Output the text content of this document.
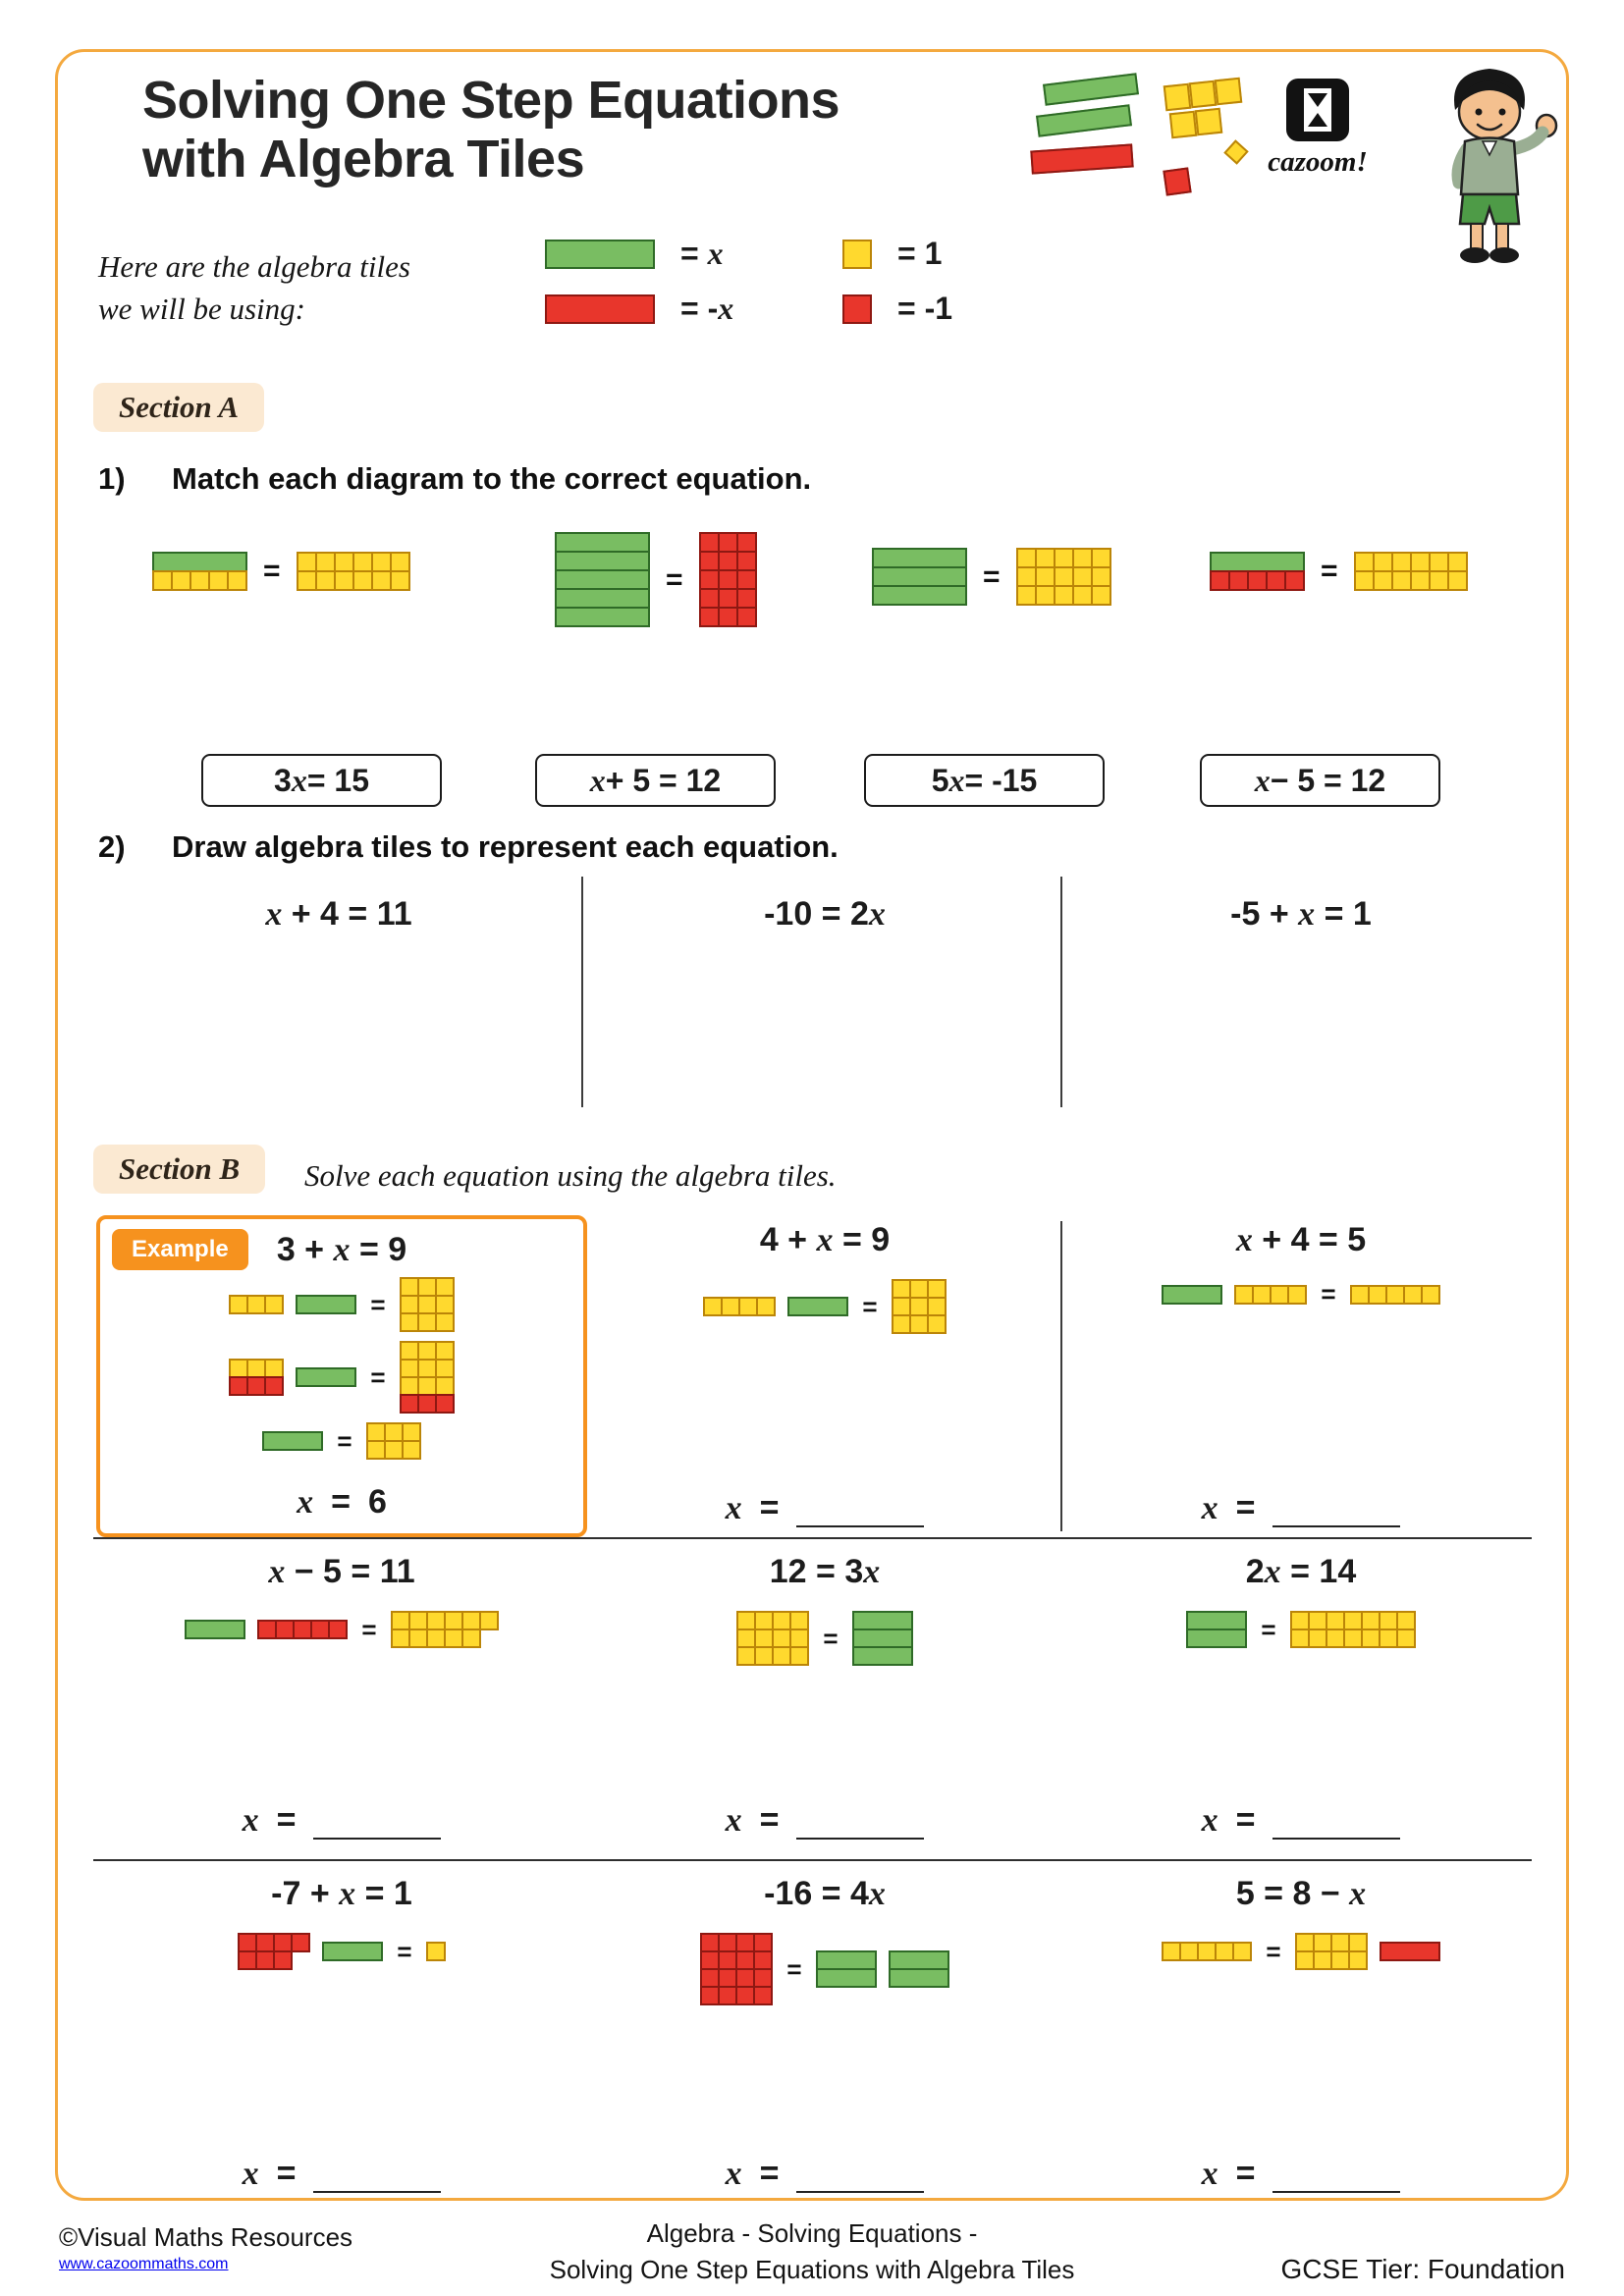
Solving One Step Equations
with Algebra Tiles	cazoom!
Here are the algebra tiles
we will be using:
= x	= 1
= -x	= -1
Section A
1) Match each diagram to the correct equation.
=	=	=	=
3 x = 15	x + 5 = 12	5 x = -15	x − 5 = 12
2) Draw algebra tiles to represent each equation.
x + 4 = 11	-10 = 2x	-5 + x = 1
Section B	Solve each equation using the algebra tiles.
Example	3 + x = 9
=
=
=
x = 6
4 + x = 9
=
x =
x + 4 = 5
=
x =
x − 5 = 11
=
x =
12 = 3x
=
x =
2x = 14
=
x =
-7 + x = 1
=
x =
-16 = 4x
=
x =
5 = 8 − x
=
x =
©Visual Maths Resources
www.cazoommaths.com
Algebra - Solving Equations -
Solving One Step Equations with Algebra Tiles	GCSE Tier: Foundation
